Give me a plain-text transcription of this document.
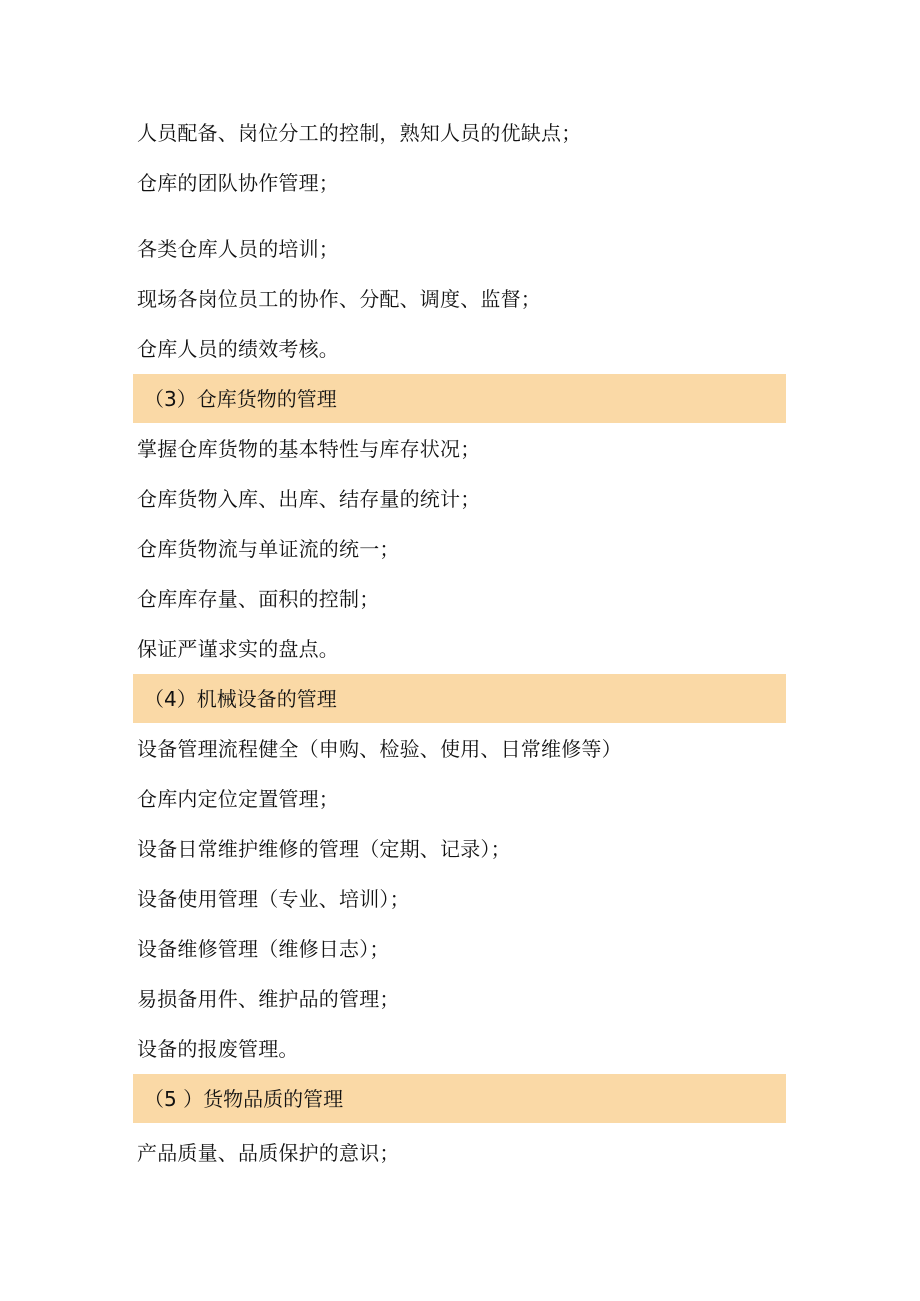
人员配备、岗位分工的控制，熟知人员的优缺点；
仓库的团队协作管理；
各类仓库人员的培训；
现场各岗位员工的协作、分配、调度、监督；
仓库人员的绩效考核。
（3）仓库货物的管理
掌握仓库货物的基本特性与库存状况；
仓库货物入库、出库、结存量的统计；
仓库货物流与单证流的统一；
仓库库存量、面积的控制；
保证严谨求实的盘点。
（4）机械设备的管理
设备管理流程健全（申购、检验、使用、日常维修等）
仓库内定位定置管理；
设备日常维护维修的管理（定期、记录）；
设备使用管理（专业、培训）；
设备维修管理（维修日志）；
易损备用件、维护品的管理；
设备的报废管理。
（5 ）货物品质的管理
产品质量、品质保护的意识；
